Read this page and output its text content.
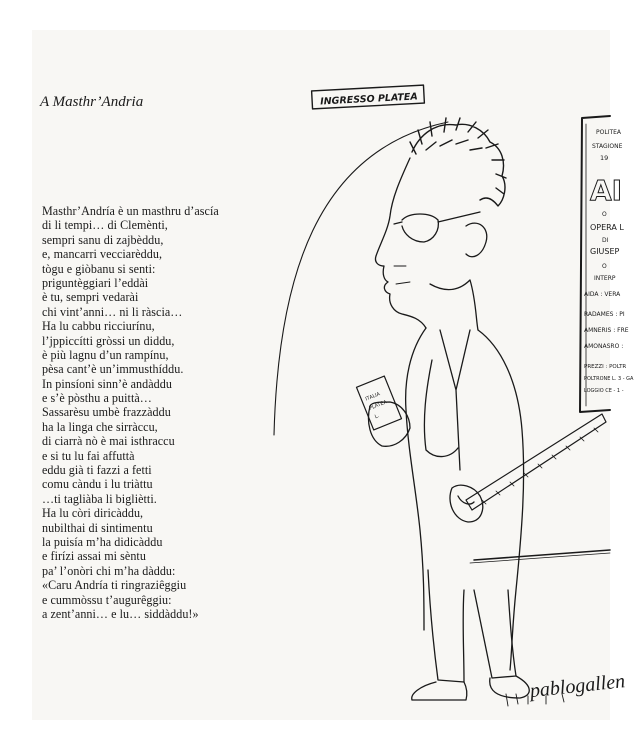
A Masthr’Andria
Masthr’Andría è un masthru d’ascía
di li tempi… di Clemènti,
sempri sanu di zajbèddu,
e, mancarri vecciarèddu,
tògu e giòbanu si senti:
priguntèggiari l’eddài
è tu, sempri vedarài
chi vint’anni… ni li ràscia…
Ha lu cabbu ricciurínu,
l’jppiccítti gròssi un diddu,
è più lagnu d’un rampínu,
pèsa cant’è un’immusthíddu.
In pinsíoni sinn’è andàddu
e s’è pòsthu a puittà…
Sassarèsu umbè frazzàddu
ha la linga che sirràccu,
di ciarrà nò è mai isthraccu
e si tu lu fai affuttà
eddu già ti fazzi a fetti
comu càndu i lu triàttu
…ti tagliàba li bigliètti.
Ha lu còri diricàddu,
nubilthai di sintimentu
la puisía m’ha didicàddu
e firízi assai mi sèntu
pa’ l’onòri chi m’ha dàddu:
«Caru Andría ti ringraziêggiu
e cummòssu t’augurêggiu:
a zent’anni… e lu… siddàddu!»
INGRESSO PLATEA
ITALIA
PLATEA
L.
POLITEA
STAGIONE
19
AI
O
OPERA L
DI
GIUSEP
O
INTERP
AIDA : VERA
RADAMES : PI
AMNERIS : FRE
AMONASRO :
PREZZI : POLTR
POLTRONE L. 3 - GA
LOGGIO CE - 1 -
pablogallen
